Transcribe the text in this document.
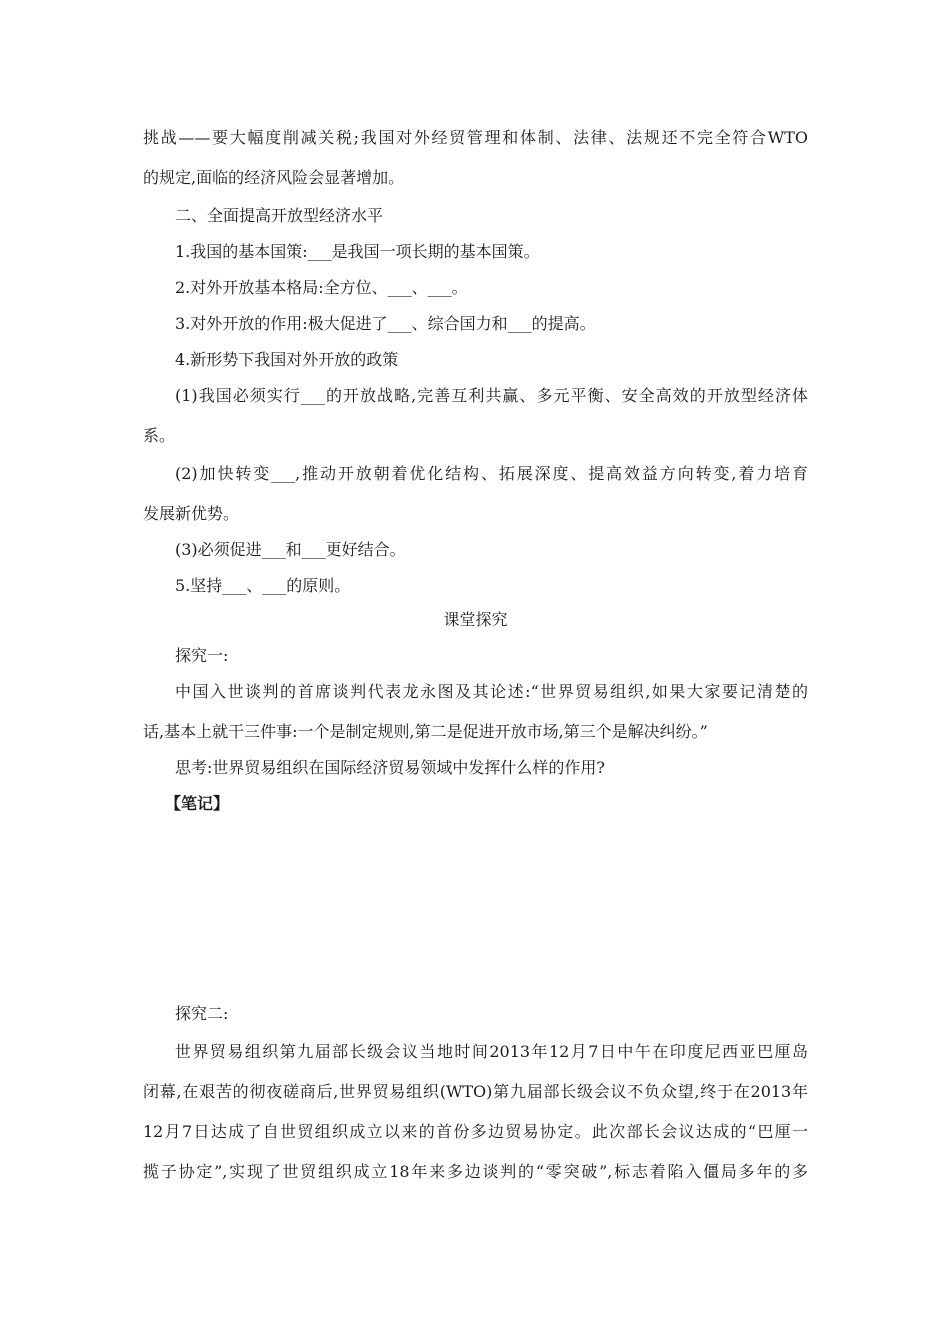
挑战——要大幅度削减关税;我国对外经贸管理和体制、法律、法规还不完全符合WTO
的规定,面临的经济风险会显著增加。
二、全面提高开放型经济水平
1.我国的基本国策:___是我国一项长期的基本国策。
2.对外开放基本格局:全方位、___、___。
3.对外开放的作用:极大促进了___、综合国力和___的提高。
4.新形势下我国对外开放的政策
(1)我国必须实行___的开放战略,完善互利共赢、多元平衡、安全高效的开放型经济体
系。
(2)加快转变___,推动开放朝着优化结构、拓展深度、提高效益方向转变,着力培育
发展新优势。
(3)必须促进___和___更好结合。
5.坚持___、___的原则。
课堂探究
探究一:
中国入世谈判的首席谈判代表龙永图及其论述:“世界贸易组织,如果大家要记清楚的
话,基本上就干三件事:一个是制定规则,第二是促进开放市场,第三个是解决纠纷。”
思考:世界贸易组织在国际经济贸易领域中发挥什么样的作用?
【笔记】
探究二:
世界贸易组织第九届部长级会议当地时间2013年12月7日中午在印度尼西亚巴厘岛
闭幕,在艰苦的彻夜磋商后,世界贸易组织(WTO)第九届部长级会议不负众望,终于在2013年
12月7日达成了自世贸组织成立以来的首份多边贸易协定。此次部长会议达成的“巴厘一
揽子协定”,实现了世贸组织成立18年来多边谈判的“零突破”,标志着陷入僵局多年的多
